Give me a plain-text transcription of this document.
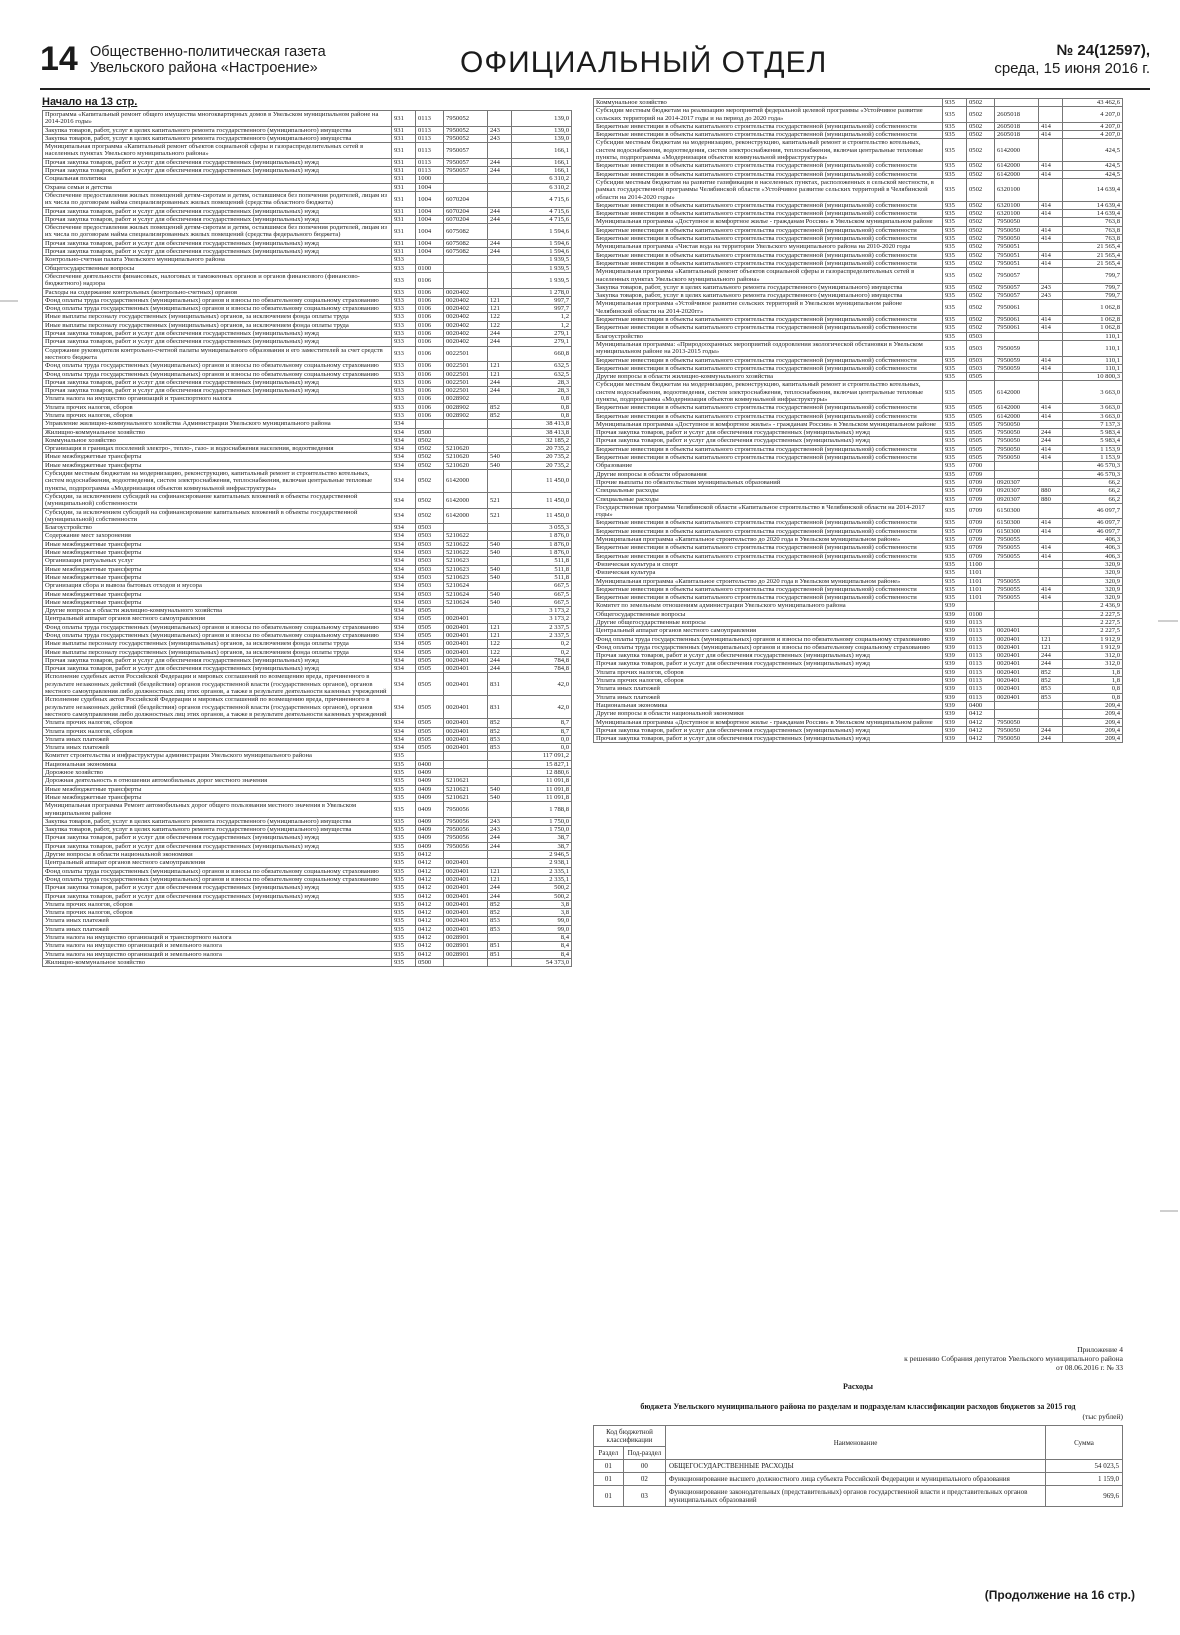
14 Общественно-политическая газета
Увельского района «Настроение»	ОФИЦИАЛЬНЫЙ ОТДЕЛ	№ 24(12597),
среда, 15 июня 2016 г.
Начало на 13 стр.
Программа «Капитальный ремонт общего имущества многоквартирных домов в Увельском муниципальном районе на 2014-2016 годы»	931	0113	7950052		139,0
Закупка товаров, работ, услуг в целях капитального ремонта государственного (муниципального) имущества	931	0113	7950052	243	139,0
Закупка товаров, работ, услуг в целях капитального ремонта государственного (муниципального) имущества	931	0113	7950052	243	139,0
Муниципальная программа «Капитальный ремонт объектов социальной сферы и газораспределительных сетей в населенных пунктах Увельского муниципального района»	931	0113	7950057		166,1
Прочая закупка товаров, работ и услуг для обеспечения государственных (муниципальных) нужд	931	0113	7950057	244	166,1
Прочая закупка товаров, работ и услуг для обеспечения государственных (муниципальных) нужд	931	0113	7950057	244	166,1
Социальная политика	931	1000			6 310,2
Охрана семьи и детства	931	1004			6 310,2
Обеспечение предоставления жилых помещений детям-сиротам и детям, оставшимся без попечения родителей, лицам из их числа по договорам найма специализированных жилых помещений (средства областного бюджета)	931	1004	6070204		4 715,6
Прочая закупка товаров, работ и услуг для обеспечения государственных (муниципальных) нужд	931	1004	6070204	244	4 715,6
Прочая закупка товаров, работ и услуг для обеспечения государственных (муниципальных) нужд	931	1004	6070204	244	4 715,6
Обеспечение предоставления жилых помещений детям-сиротам и детям, оставшимся без попечения родителей, лицам из их числа по договорам найма специализированных жилых помещений (средства федерального бюджета)	931	1004	6075082		1 594,6
Прочая закупка товаров, работ и услуг для обеспечения государственных (муниципальных) нужд	931	1004	6075082	244	1 594,6
Прочая закупка товаров, работ и услуг для обеспечения государственных (муниципальных) нужд	931	1004	6075082	244	1 594,6
Контрольно-счетная палата Увельского муниципального района	933				1 939,5
Общегосударственные вопросы	933	0100			1 939,5
Обеспечение деятельности финансовых, налоговых и таможенных органов и органов финансового (финансово-бюджетного) надзора	933	0106			1 939,5
Расходы на содержание контрольных (контрольно-счетных) органов	933	0106	0020402		1 278,0
Фонд оплаты труда государственных (муниципальных) органов и взносы по обязательному социальному страхованию	933	0106	0020402	121	997,7
Фонд оплаты труда государственных (муниципальных) органов и взносы по обязательному социальному страхованию	933	0106	0020402	121	997,7
Иные выплаты персоналу государственных (муниципальных) органов, за исключением фонда оплаты труда	933	0106	0020402	122	1,2
Иные выплаты персоналу государственных (муниципальных) органов, за исключением фонда оплаты труда	933	0106	0020402	122	1,2
Прочая закупка товаров, работ и услуг для обеспечения государственных (муниципальных) нужд	933	0106	0020402	244	279,1
Прочая закупка товаров, работ и услуг для обеспечения государственных (муниципальных) нужд	933	0106	0020402	244	279,1
Содержание руководителя контрольно-счетной палаты муниципального образования и его заместителей за счет средств местного бюджета	933	0106	0022501		660,8
Фонд оплаты труда государственных (муниципальных) органов и взносы по обязательному социальному страхованию	933	0106	0022501	121	632,5
Фонд оплаты труда государственных (муниципальных) органов и взносы по обязательному социальному страхованию	933	0106	0022501	121	632,5
Прочая закупка товаров, работ и услуг для обеспечения государственных (муниципальных) нужд	933	0106	0022501	244	28,3
Прочая закупка товаров, работ и услуг для обеспечения государственных (муниципальных) нужд	933	0106	0022501	244	28,3
Уплата налога на имущество организаций и транспортного налога	933	0106	0028902		0,8
Уплата прочих налогов, сборов	933	0106	0028902	852	0,8
Уплата прочих налогов, сборов	933	0106	0028902	852	0,8
Управление жилищно-коммунального хозяйства Администрации Увельского муниципального района	934				38 413,8
Жилищно-коммунальное хозяйство	934	0500			38 413,8
Коммунальное хозяйство	934	0502			32 185,2
Организация в границах поселений электро-, тепло-, газо- и водоснабжения населения, водоотведения	934	0502	5210620		20 735,2
Иные межбюджетные трансферты	934	0502	5210620	540	20 735,2
Иные межбюджетные трансферты	934	0502	5210620	540	20 735,2
Субсидии местным бюджетам на модернизацию, реконструкцию, капитальный ремонт и строительство котельных, систем водоснабжения, водоотведения, систем электроснабжения, теплоснабжения, включая центральные тепловые пункты, подпрограмма «Модернизация объектов коммунальной инфраструктуры»	934	0502	6142000		11 450,0
Субсидии, за исключением субсидий на софинансирование капитальных вложений в объекты государственной (муниципальной) собственности	934	0502	6142000	521	11 450,0
Субсидии, за исключением субсидий на софинансирование капитальных вложений в объекты государственной (муниципальной) собственности	934	0502	6142000	521	11 450,0
Благоустройство	934	0503			3 055,3
Содержание мест захоронения	934	0503	5210622		1 876,0
Иные межбюджетные трансферты	934	0503	5210622	540	1 876,0
Иные межбюджетные трансферты	934	0503	5210622	540	1 876,0
Организация ритуальных услуг	934	0503	5210623		511,8
Иные межбюджетные трансферты	934	0503	5210623	540	511,8
Иные межбюджетные трансферты	934	0503	5210623	540	511,8
Организация сбора и вывоза бытовых отходов и мусора	934	0503	5210624		667,5
Иные межбюджетные трансферты	934	0503	5210624	540	667,5
Иные межбюджетные трансферты	934	0503	5210624	540	667,5
Другие вопросы в области жилищно-коммунального хозяйства	934	0505			3 173,2
Центральный аппарат органов местного самоуправления	934	0505	0020401		3 173,2
Фонд оплаты труда государственных (муниципальных) органов и взносы по обязательному социальному страхованию	934	0505	0020401	121	2 337,5
Фонд оплаты труда государственных (муниципальных) органов и взносы по обязательному социальному страхованию	934	0505	0020401	121	2 337,5
Иные выплаты персоналу государственных (муниципальных) органов, за исключением фонда оплаты труда	934	0505	0020401	122	0,2
Иные выплаты персоналу государственных (муниципальных) органов, за исключением фонда оплаты труда	934	0505	0020401	122	0,2
Прочая закупка товаров, работ и услуг для обеспечения государственных (муниципальных) нужд	934	0505	0020401	244	784,8
Прочая закупка товаров, работ и услуг для обеспечения государственных (муниципальных) нужд	934	0505	0020401	244	784,8
Исполнение судебных актов Российской Федерации и мировых соглашений по возмещению вреда, причиненного в результате незаконных действий (бездействия) органов государственной власти (государственных органов), органов местного самоуправления либо должностных лиц этих органов, а также в результате деятельности казенных учреждений	934	0505	0020401	831	42,0
Исполнение судебных актов Российской Федерации и мировых соглашений по возмещению вреда, причиненного в результате незаконных действий (бездействия) органов государственной власти (государственных органов), органов местного самоуправления либо должностных лиц этих органов, а также в результате деятельности казенных учреждений	934	0505	0020401	831	42,0
Уплата прочих налогов, сборов	934	0505	0020401	852	8,7
Уплата прочих налогов, сборов	934	0505	0020401	852	8,7
Уплата иных платежей	934	0505	0020401	853	0,0
Уплата иных платежей	934	0505	0020401	853	0,0
Комитет строительства и инфраструктуры администрации Увельского муниципального района	935				117 091,2
Национальная экономика	935	0400			15 827,1
Дорожное хозяйство	935	0409			12 880,6
Дорожная деятельность в отношении автомобильных дорог местного значения	935	0409	5210621		11 091,8
Иные межбюджетные трансферты	935	0409	5210621	540	11 091,8
Иные межбюджетные трансферты	935	0409	5210621	540	11 091,8
Муниципальная программа Ремонт автомобильных дорог общего пользования местного значения в Увельском муниципальном районе	935	0409	7950056		1 788,8
Закупка товаров, работ, услуг в целях капитального ремонта государственного (муниципального) имущества	935	0409	7950056	243	1 750,0
Закупка товаров, работ, услуг в целях капитального ремонта государственного (муниципального) имущества	935	0409	7950056	243	1 750,0
Прочая закупка товаров, работ и услуг для обеспечения государственных (муниципальных) нужд	935	0409	7950056	244	38,7
Прочая закупка товаров, работ и услуг для обеспечения государственных (муниципальных) нужд	935	0409	7950056	244	38,7
Другие вопросы в области национальной экономики	935	0412			2 946,5
Центральный аппарат органов местного самоуправления	935	0412	0020401		2 938,1
Фонд оплаты труда государственных (муниципальных) органов и взносы по обязательному социальному страхованию	935	0412	0020401	121	2 335,1
Фонд оплаты труда государственных (муниципальных) органов и взносы по обязательному социальному страхованию	935	0412	0020401	121	2 335,1
Прочая закупка товаров, работ и услуг для обеспечения государственных (муниципальных) нужд	935	0412	0020401	244	500,2
Прочая закупка товаров, работ и услуг для обеспечения государственных (муниципальных) нужд	935	0412	0020401	244	500,2
Уплата прочих налогов, сборов	935	0412	0020401	852	3,8
Уплата прочих налогов, сборов	935	0412	0020401	852	3,8
Уплата иных платежей	935	0412	0020401	853	99,0
Уплата иных платежей	935	0412	0020401	853	99,0
Уплата налога на имущество организаций и транспортного налога	935	0412	0028901		8,4
Уплата налога на имущество организаций и земельного налога	935	0412	0028901	851	8,4
Уплата налога на имущество организаций и земельного налога	935	0412	0028901	851	8,4
Жилищно-коммунальное хозяйство	935	0500			54 373,0
Коммунальное хозяйство	935	0502			43 462,6
Субсидии местным бюджетам на реализацию мероприятий федеральной целевой программы «Устойчивое развитие сельских территорий на 2014-2017 годы и на период до 2020 года»	935	0502	2605018		4 207,0
Бюджетные инвестиции в объекты капитального строительства государственной (муниципальной) собственности	935	0502	2605018	414	4 207,0
Бюджетные инвестиции в объекты капитального строительства государственной (муниципальной) собственности	935	0502	2605018	414	4 207,0
Субсидии местным бюджетам на модернизацию, реконструкцию, капитальный ремонт и строительство котельных, систем водоснабжения, водоотведения, систем электроснабжения, теплоснабжения, включая центральные тепловые пункты, подпрограмма «Модернизация объектов коммунальной инфраструктуры»	935	0502	6142000		424,5
Бюджетные инвестиции в объекты капитального строительства государственной (муниципальной) собственности	935	0502	6142000	414	424,5
Бюджетные инвестиции в объекты капитального строительства государственной (муниципальной) собственности	935	0502	6142000	414	424,5
Субсидии местным бюджетам на развитие газификации в населенных пунктах, расположенных в сельской местности, в рамках государственной программы Челябинской области «Устойчивое развитие сельских территорий в Челябинской области на 2014-2020 годы»	935	0502	6320100		14 639,4
Бюджетные инвестиции в объекты капитального строительства государственной (муниципальной) собственности	935	0502	6320100	414	14 639,4
Бюджетные инвестиции в объекты капитального строительства государственной (муниципальной) собственности	935	0502	6320100	414	14 639,4
Муниципальная программа «Доступное и комфортное жилье - гражданам России» в Увельском муниципальном районе	935	0502	7950050		763,8
Бюджетные инвестиции в объекты капитального строительства государственной (муниципальной) собственности	935	0502	7950050	414	763,8
Бюджетные инвестиции в объекты капитального строительства государственной (муниципальной) собственности	935	0502	7950050	414	763,8
Муниципальная программа «Чистая вода на территории Увельского муниципального района на 2010-2020 годы	935	0502	7950051		21 565,4
Бюджетные инвестиции в объекты капитального строительства государственной (муниципальной) собственности	935	0502	7950051	414	21 565,4
Бюджетные инвестиции в объекты капитального строительства государственной (муниципальной) собственности	935	0502	7950051	414	21 565,4
Муниципальная программа «Капитальный ремонт объектов социальной сферы и газораспределительных сетей в населенных пунктах Увельского муниципального района»	935	0502	7950057		799,7
Закупка товаров, работ, услуг в целях капитального ремонта государственного (муниципального) имущества	935	0502	7950057	243	799,7
Закупка товаров, работ, услуг в целях капитального ремонта государственного (муниципального) имущества	935	0502	7950057	243	799,7
Муниципальная программа «Устойчивое развитие сельских территорий в Увельском муниципальном районе Челябинской области на 2014-2020гг»	935	0502	7950061		1 062,8
Бюджетные инвестиции в объекты капитального строительства государственной (муниципальной) собственности	935	0502	7950061	414	1 062,8
Бюджетные инвестиции в объекты капитального строительства государственной (муниципальной) собственности	935	0502	7950061	414	1 062,8
Благоустройство	935	0503			110,1
Муниципальная программа: «Природоохранных мероприятий оздоровления экологической обстановки в Увельском муниципальном районе на 2013-2015 годы»	935	0503	7950059		110,1
Бюджетные инвестиции в объекты капитального строительства государственной (муниципальной) собственности	935	0503	7950059	414	110,1
Бюджетные инвестиции в объекты капитального строительства государственной (муниципальной) собственности	935	0503	7950059	414	110,1
Другие вопросы в области жилищно-коммунального хозяйства	935	0505			10 800,3
Субсидии местным бюджетам на модернизацию, реконструкцию, капитальный ремонт и строительство котельных, систем водоснабжения, водоотведения, систем электроснабжения, теплоснабжения, включая центральные тепловые пункты, подпрограмма «Модернизация объектов коммунальной инфраструктуры»	935	0505	6142000		3 663,0
Бюджетные инвестиции в объекты капитального строительства государственной (муниципальной) собственности	935	0505	6142000	414	3 663,0
Бюджетные инвестиции в объекты капитального строительства государственной (муниципальной) собственности	935	0505	6142000	414	3 663,0
Муниципальная программа «Доступное и комфортное жилье» - гражданам России» в Увельском муниципальном районе	935	0505	7950050		7 137,3
Прочая закупка товаров, работ и услуг для обеспечения государственных (муниципальных) нужд	935	0505	7950050	244	5 983,4
Прочая закупка товаров, работ и услуг для обеспечения государственных (муниципальных) нужд	935	0505	7950050	244	5 983,4
Бюджетные инвестиции в объекты капитального строительства государственной (муниципальной) собственности	935	0505	7950050	414	1 153,9
Бюджетные инвестиции в объекты капитального строительства государственной (муниципальной) собственности	935	0505	7950050	414	1 153,9
Образование	935	0700			46 570,3
Другие вопросы в области образования	935	0709			46 570,3
Прочие выплаты по обязательствам муниципальных образований	935	0709	0920307		66,2
Специальные расходы	935	0709	0920307	880	66,2
Специальные расходы	935	0709	0920307	880	66,2
Государственная программа Челябинской области «Капитальное строительство в Челябинской области на 2014-2017 годы»	935	0709	6150300		46 097,7
Бюджетные инвестиции в объекты капитального строительства государственной (муниципальной) собственности	935	0709	6150300	414	46 097,7
Бюджетные инвестиции в объекты капитального строительства государственной (муниципальной) собственности	935	0709	6150300	414	46 097,7
Муниципальная программа «Капитальное строительство до 2020 года в Увельском муниципальном районе»	935	0709	7950055		406,3
Бюджетные инвестиции в объекты капитального строительства государственной (муниципальной) собственности	935	0709	7950055	414	406,3
Бюджетные инвестиции в объекты капитального строительства государственной (муниципальной) собственности	935	0709	7950055	414	406,3
Физическая культура и спорт	935	1100			320,9
Физическая культура	935	1101			320,9
Муниципальная программа «Капитальное строительство до 2020 года в Увельском муниципальном районе»	935	1101	7950055		320,9
Бюджетные инвестиции в объекты капитального строительства государственной (муниципальной) собственности	935	1101	7950055	414	320,9
Бюджетные инвестиции в объекты капитального строительства государственной (муниципальной) собственности	935	1101	7950055	414	320,9
Комитет по земельным отношениям администрации Увельского муниципального района	939				2 436,9
Общегосударственные вопросы	939	0100			2 227,5
Другие общегосударственные вопросы	939	0113			2 227,5
Центральный аппарат органов местного самоуправления	939	0113	0020401		2 227,5
Фонд оплаты труда государственных (муниципальных) органов и взносы по обязательному социальному страхованию	939	0113	0020401	121	1 912,9
Фонд оплаты труда государственных (муниципальных) органов и взносы по обязательному социальному страхованию	939	0113	0020401	121	1 912,9
Прочая закупка товаров, работ и услуг для обеспечения государственных (муниципальных) нужд	939	0113	0020401	244	312,0
Прочая закупка товаров, работ и услуг для обеспечения государственных (муниципальных) нужд	939	0113	0020401	244	312,0
Уплата прочих налогов, сборов	939	0113	0020401	852	1,8
Уплата прочих налогов, сборов	939	0113	0020401	852	1,8
Уплата иных платежей	939	0113	0020401	853	0,8
Уплата иных платежей	939	0113	0020401	853	0,8
Национальная экономика	939	0400			209,4
Другие вопросы в области национальной экономики	939	0412			209,4
Муниципальная программа «Доступное и комфортное жилье - гражданам России» в Увельском муниципальном районе	939	0412	7950050		209,4
Прочая закупка товаров, работ и услуг для обеспечения государственных (муниципальных) нужд	939	0412	7950050	244	209,4
Прочая закупка товаров, работ и услуг для обеспечения государственных (муниципальных) нужд	939	0412	7950050	244	209,4
Приложение 4
к решению Собрания депутатов Увельского муниципального района
от 08.06.2016 г. № 33
Расходы
бюджета Увельского муниципального района по разделам и подразделам классификации расходов бюджетов за 2015 год
(тыс рублей)
Код бюджетной классификации		Наименование	Сумма
Раздел	Под-раздел		
01	00	ОБЩЕГОСУДАРСТВЕННЫЕ РАСХОДЫ	54 023,5
01	02	Функционирование высшего должностного лица субъекта Российской Федерации и муниципального образования	1 159,0
01	03	Функционирование законодательных (представительных) органов государственной власти и представительных органов муниципальных образований	969,6
(Продолжение на 16 стр.)
